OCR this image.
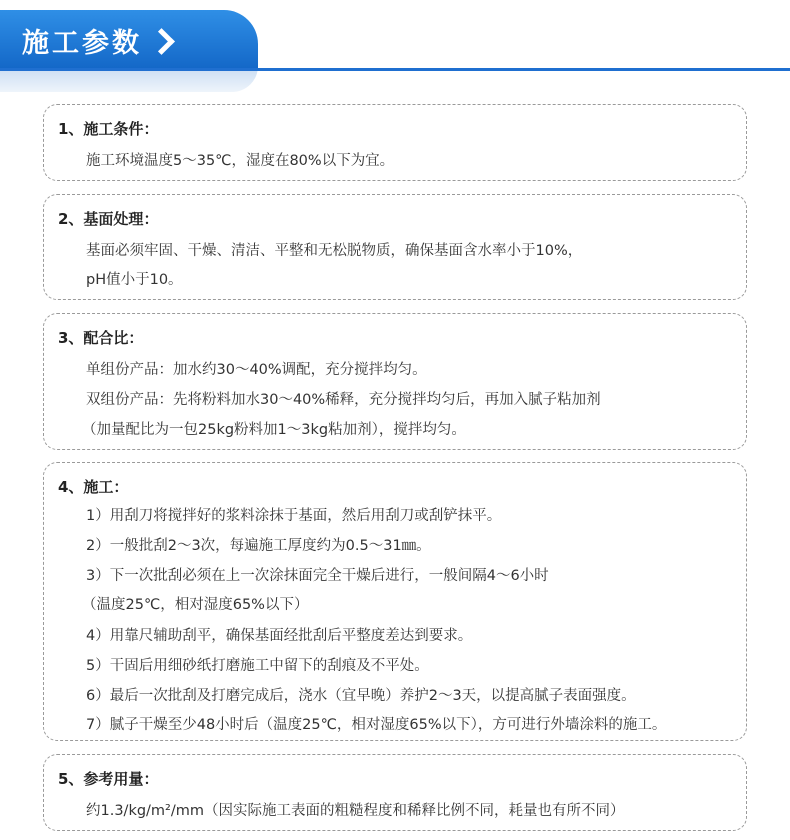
施工参数
1、施工条件：
施工环境温度5～35℃，湿度在80%以下为宜。
2、基面处理：
基面必须牢固、干燥、清洁、平整和无松脱物质，确保基面含水率小于10%，
pH值小于10。
3、配合比：
单组份产品：加水约30～40%调配，充分搅拌均匀。
双组份产品：先将粉料加水30～40%稀释，充分搅拌均匀后，再加入腻子粘加剂
（加量配比为一包25kg粉料加1～3kg粘加剂），搅拌均匀。
4、施工：
1）用刮刀将搅拌好的浆料涂抹于基面，然后用刮刀或刮铲抹平。
2）一般批刮2～3次，每遍施工厚度约为0.5～31㎜。
3）下一次批刮必须在上一次涂抹面完全干燥后进行，一般间隔4～6小时
（温度25℃，相对湿度65%以下）
4）用靠尺辅助刮平，确保基面经批刮后平整度差达到要求。
5）干固后用细砂纸打磨施工中留下的刮痕及不平处。
6）最后一次批刮及打磨完成后，浇水（宜早晚）养护2～3天，以提高腻子表面强度。
7）腻子干燥至少48小时后（温度25℃，相对湿度65%以下），方可进行外墙涂料的施工。
5、参考用量：
约1.3/kg/m²/mm（因实际施工表面的粗糙程度和稀释比例不同，耗量也有所不同）
